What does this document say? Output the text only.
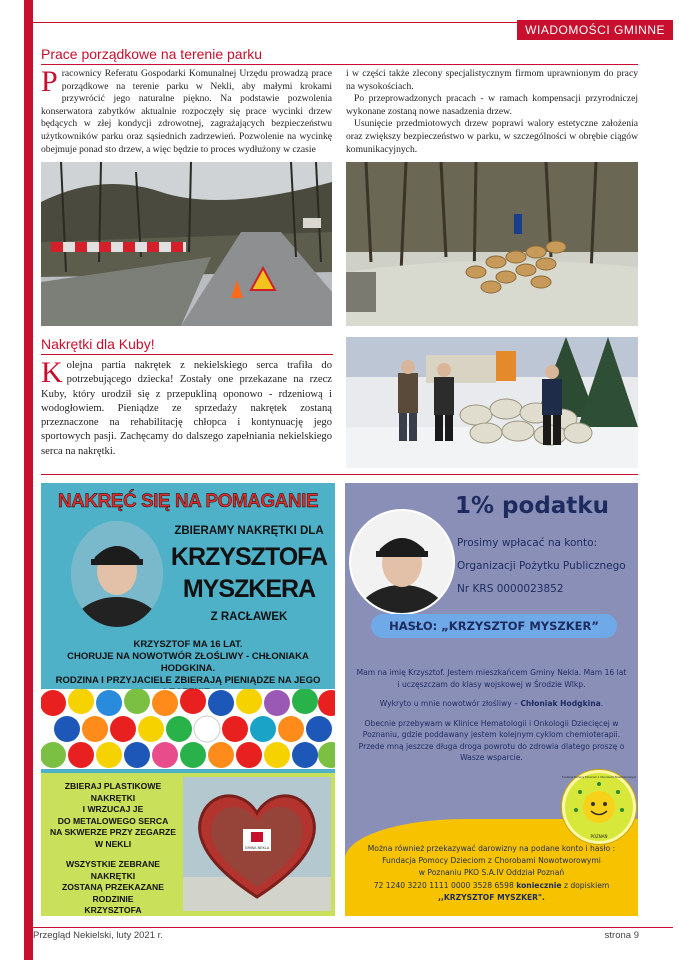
WIADOMOŚCI GMINNE
Prace porządkowe na terenie parku
Pracownicy Referatu Gospodarki Komunalnej Urzędu prowadzą prace porządkowe na terenie parku w Nekli, aby małymi krokami przywrócić jego naturalne piękno. Na podstawie pozwolenia konserwatora zabytków aktualnie rozpoczęły się prace wycinki drzew będących w złej kondycji zdrowotnej, zagrażających bezpieczeństwu użytkowników parku oraz sąsiednich zadrzewień. Pozwolenie na wycinkę obejmuje ponad sto drzew, a więc będzie to proces wydłużony w czasie

i w części także zlecony specjalistycznym firmom uprawnionym do pracy na wysokościach.

Po przeprowadzonych pracach - w ramach kompensacji przyrodniczej wykonane zostaną nowe nasadzenia drzew.

Usunięcie przedmiotowych drzew poprawi walory estetyczne założenia oraz zwiększy bezpieczeństwo w parku, w szczególności w obrębie ciągów komunikacyjnych.

Nakrętki dla Kuby!
Kolejna partia nakrętek z nekielskiego serca trafiła do potrzebującego dziecka! Zostały one przekazane na rzecz Kuby, który urodził się z przepukliną oponowo - rdzeniową i wodogłowiem. Pieniądze ze sprzedaży nakrętek zostaną przeznaczone na rehabilitację chłopca i kontynuację jego sportowych pasji. Zachęcamy do dalszego zapełniania nekielskiego serca na nakrętki.
NAKRĘĆ SIĘ NA POMAGANIE
ZBIERAMY NAKRĘTKI DLA
KRZYSZTOFA
MYSZKERA
Z RACŁAWEK
KRZYSZTOF MA 16 LAT.
CHORUJE NA NOWOTWÓR ZŁOŚLIWY - CHŁONIAKA HODGKINA.
RODZINA I PRZYJACIELE ZBIERAJĄ PIENIĄDZE NA JEGO
ZBIERAJ PLASTIKOWE NAKRĘTKI
I WRZUCAJ JE
DO METALOWEGO SERCA
NA SKWERZE PRZY ZEGARZE
W NEKLI
WSZYSTKIE ZEBRANE NAKRĘTKI
ZOSTANĄ PRZEKAZANE RODZINIE
KRZYSZTOFA
GMINA NEKLA
1% podatku
Prosimy wpłacać na konto:
Organizacji Pożytku Publicznego
Nr KRS 0000023852
HASŁO: „KRZYSZTOF MYSZKER”
Mam na imię Krzysztof. Jestem mieszkańcem Gminy Nekla. Mam 16 lat i uczęszczam do klasy wojskowej w Środzie Wlkp.
Wykryto u mnie nowotwór złośliwy – Chłoniak Hodgkina.
Obecnie przebywam w Klinice Hematologii i Onkologii Dziecięcej w Poznaniu, gdzie poddawany jestem kolejnym cyklom chemioterapii. Przede mną jeszcze długa droga powrotu do zdrowia dlatego proszę o Wasze wsparcie.
POZNAŃ
Fundacja Pomocy Dzieciom z Chorobami Nowotworowymi
Można również przekazywać darowizny na podane konto i hasło :
Fundacja Pomocy Dzieciom z Chorobami Nowotworowymi
w Poznaniu PKO S.A.IV Oddział Poznań
72 1240 3220 1111 0000 3528 6598 koniecznie z dopiskiem
,,KRZYSZTOF MYSZKER".
Przegląd Nekielski, luty 2021 r.	strona 9
